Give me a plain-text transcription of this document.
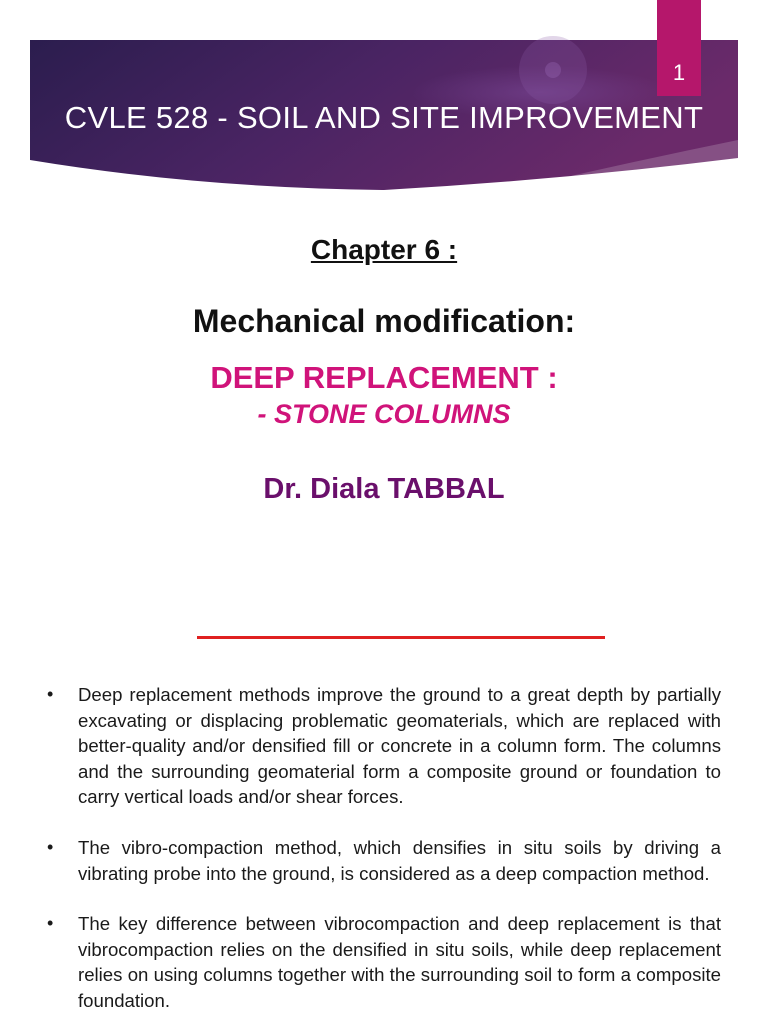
1
CVLE 528 - SOIL AND SITE IMPROVEMENT
Chapter 6 :
Mechanical modification:
DEEP REPLACEMENT :
- STONE COLUMNS
Dr. Diala TABBAL
• Deep replacement methods improve the ground to a great depth by partially excavating or displacing problematic geomaterials, which are replaced with better-quality and/or densified fill or concrete in a column form. The columns and the surrounding geomaterial form a composite ground or foundation to carry vertical loads and/or shear forces.
• The vibro-compaction method, which densifies in situ soils by driving a vibrating probe into the ground, is considered as a deep compaction method.
• The key difference between vibrocompaction and deep replacement is that vibrocompaction relies on the densified in situ soils, while deep replacement relies on using columns together with the surrounding soil to form a composite foundation.
